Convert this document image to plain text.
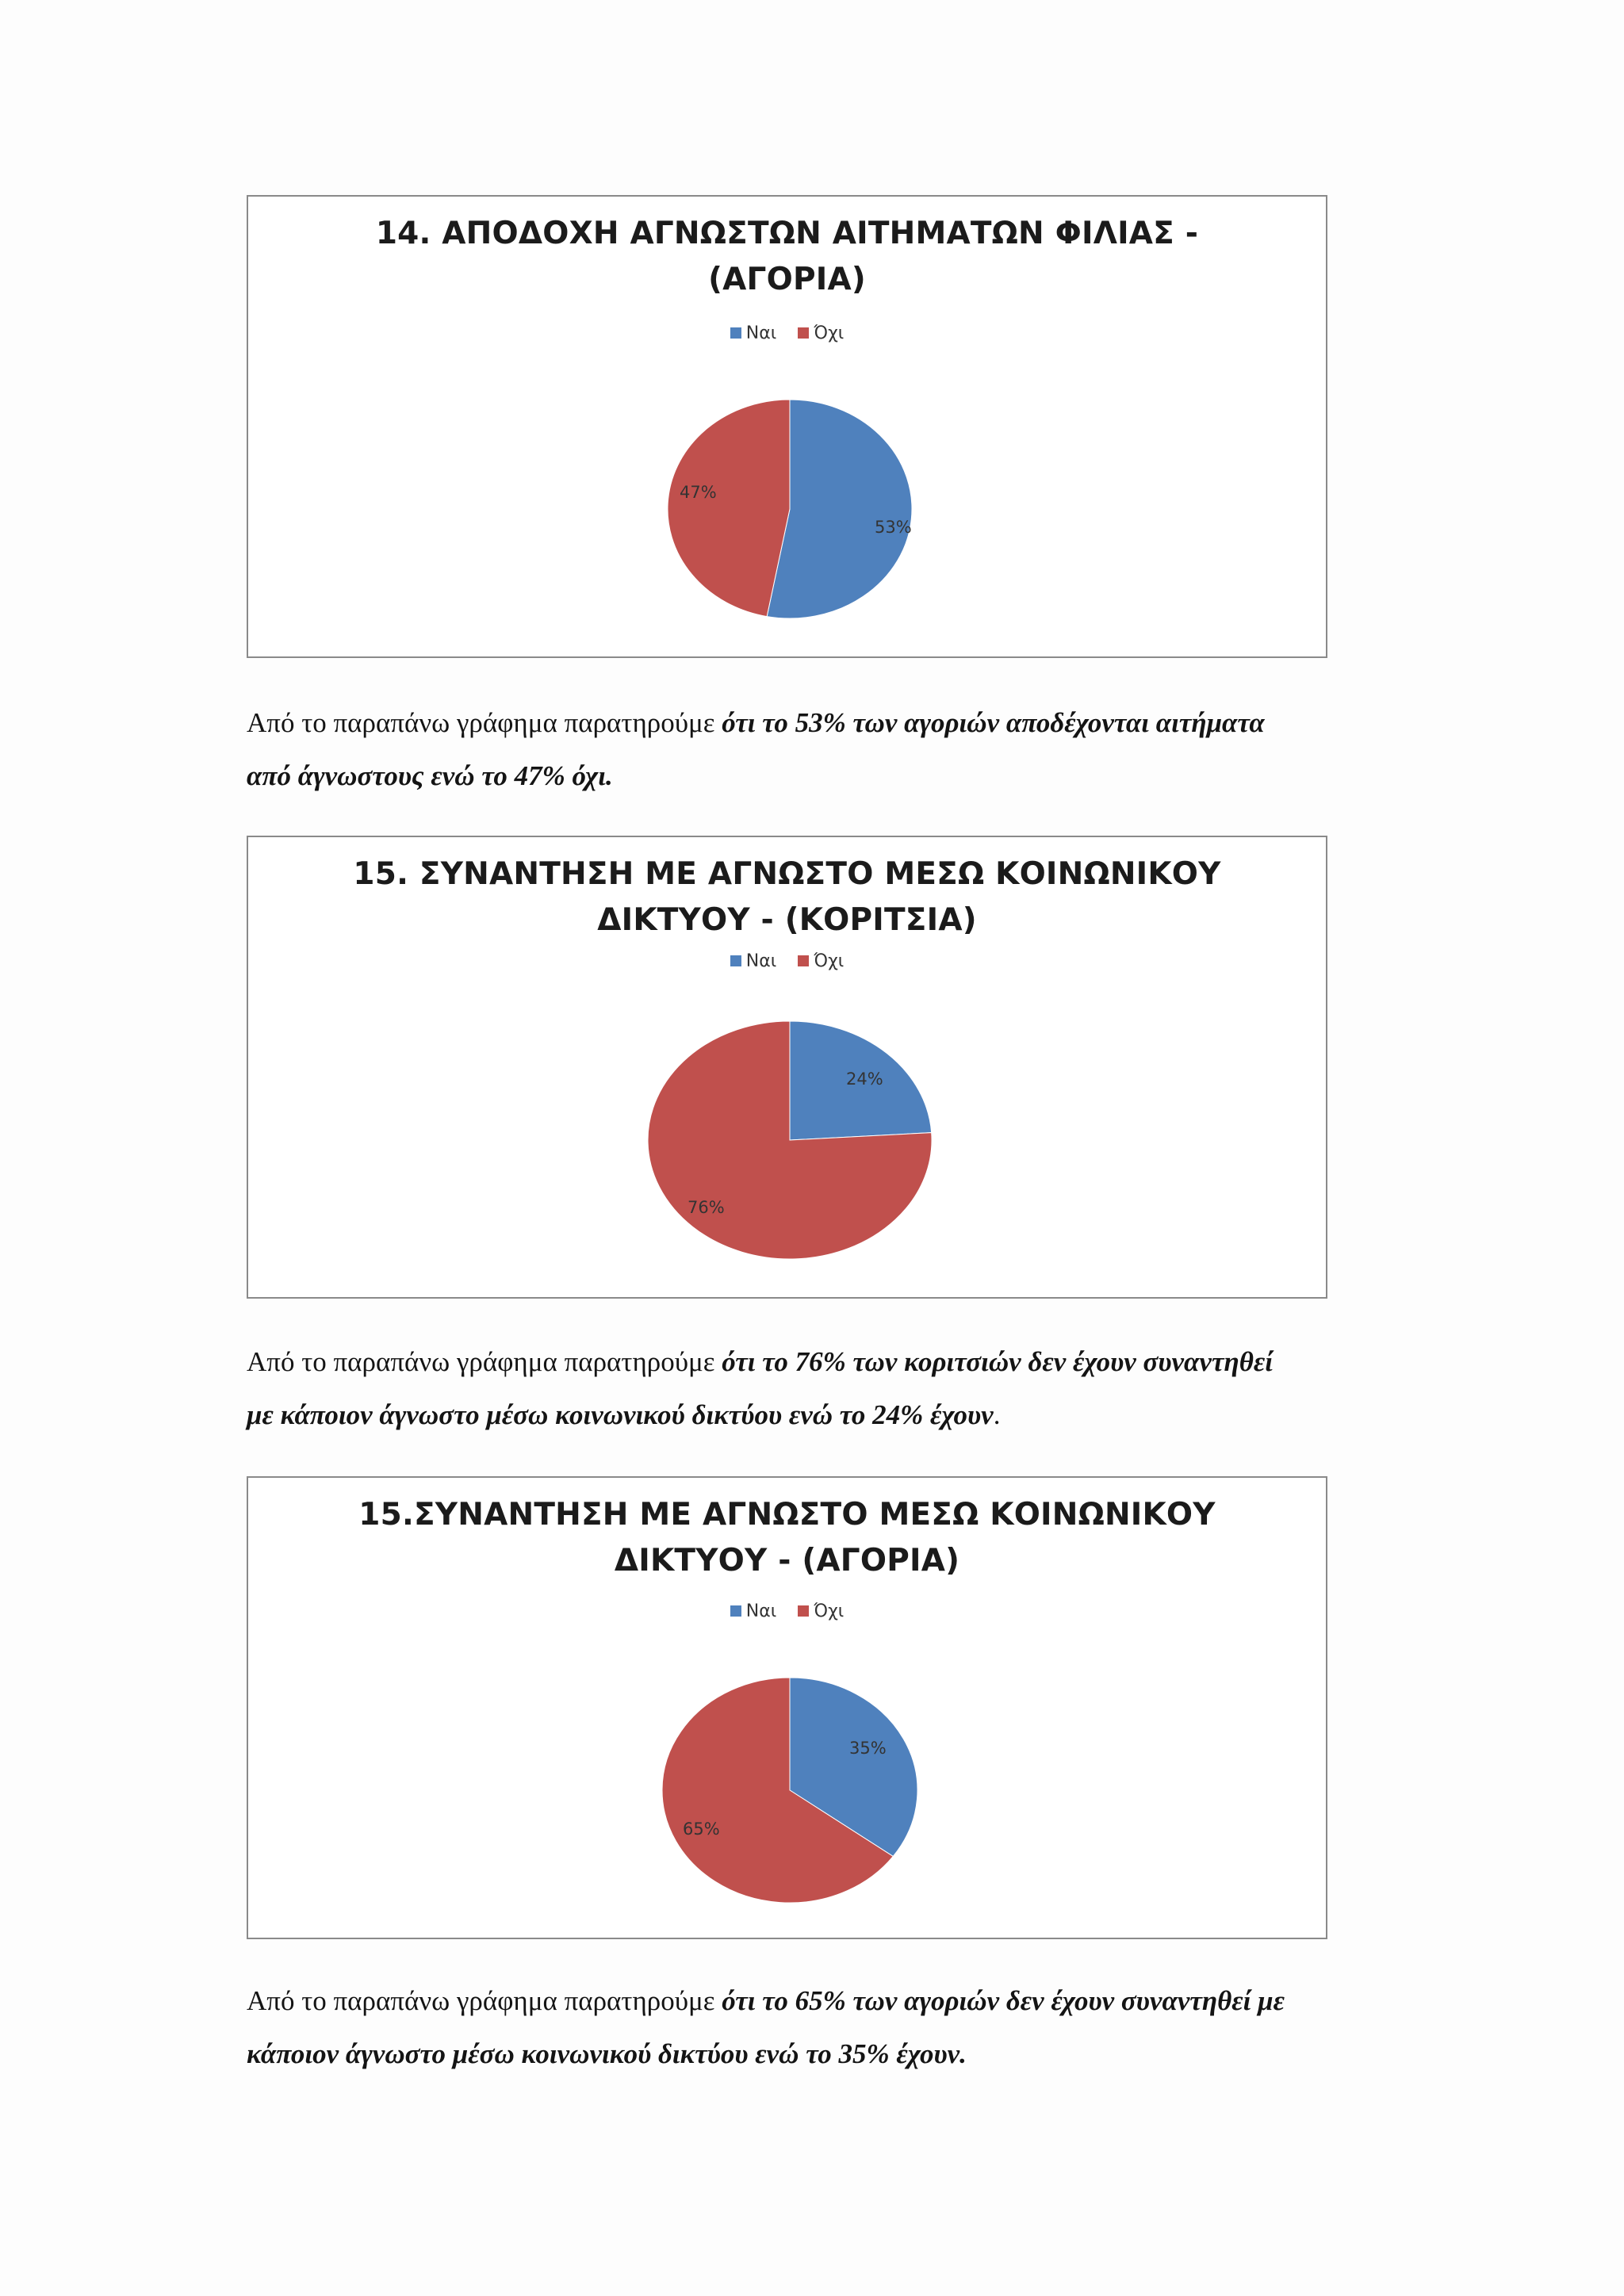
14. ΑΠΟΔΟΧΗ ΑΓΝΩΣΤΩΝ ΑΙΤΗΜΑΤΩΝ ΦΙΛΙΑΣ -
(ΑΓΟΡΙΑ)
Ναι Όχι
53%
47%
Από το παραπάνω γράφημα παρατηρούμε ότι το 53% των αγοριών αποδέχονται αιτήματα
από άγνωστους ενώ το 47% όχι.
15. ΣΥΝΑΝΤΗΣΗ ΜΕ ΑΓΝΩΣΤΟ ΜΕΣΩ ΚΟΙΝΩΝΙΚΟΥ
ΔΙΚΤΥΟΥ - (ΚΟΡΙΤΣΙΑ)
Ναι Όχι
24%
76%
Από το παραπάνω γράφημα παρατηρούμε ότι το 76% των κοριτσιών δεν έχουν συναντηθεί
με κάποιον άγνωστο μέσω κοινωνικού δικτύου ενώ το 24% έχουν.
15.ΣΥΝΑΝΤΗΣΗ ΜΕ ΑΓΝΩΣΤΟ ΜΕΣΩ ΚΟΙΝΩΝΙΚΟΥ
ΔΙΚΤΥΟΥ - (ΑΓΟΡΙΑ)
Ναι Όχι
35%
65%
Από το παραπάνω γράφημα παρατηρούμε ότι το 65% των αγοριών δεν έχουν συναντηθεί με
κάποιον άγνωστο μέσω κοινωνικού δικτύου ενώ το 35% έχουν.
